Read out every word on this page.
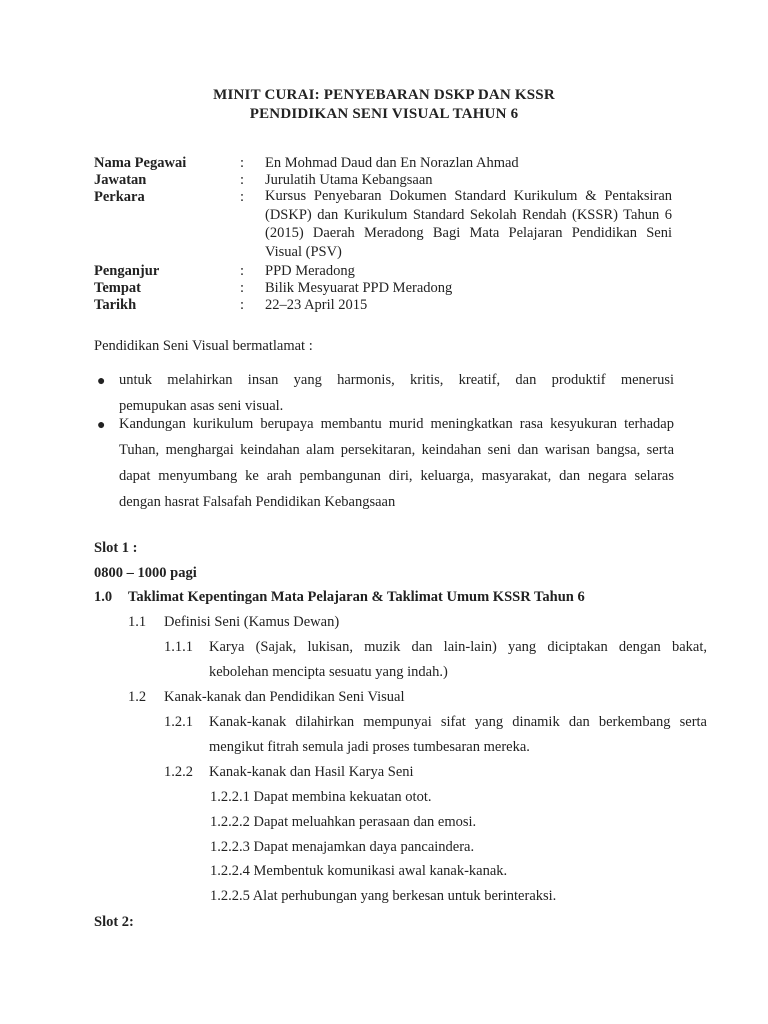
MINIT CURAI: PENYEBARAN DSKP DAN KSSR
PENDIDIKAN SENI VISUAL TAHUN 6
Nama Pegawai	: En Mohmad Daud dan En Norazlan Ahmad
Jawatan	: Jurulatih Utama Kebangsaan
Perkara	: Kursus Penyebaran Dokumen Standard Kurikulum & Pentaksiran (DSKP) dan Kurikulum Standard Sekolah Rendah (KSSR) Tahun 6 (2015) Daerah Meradong Bagi Mata Pelajaran Pendidikan Seni Visual (PSV)
Penganjur	: PPD Meradong
Tempat	: Bilik Mesyuarat PPD Meradong
Tarikh	: 22–23 April 2015
Pendidikan Seni Visual bermatlamat :
● untuk melahirkan insan yang harmonis, kritis, kreatif, dan produktif menerusi
pemupukan asas seni visual.
● Kandungan kurikulum berupaya membantu murid meningkatkan rasa kesyukuran terhadap Tuhan, menghargai keindahan alam persekitaran, keindahan seni dan warisan bangsa, serta dapat menyumbang ke arah pembangunan diri, keluarga, masyarakat, dan negara selaras dengan hasrat Falsafah Pendidikan Kebangsaan
Slot 1 :
0800 – 1000 pagi
1.0 Taklimat Kepentingan Mata Pelajaran & Taklimat Umum KSSR Tahun 6
1.1 Definisi Seni (Kamus Dewan)
1.1.1 Karya (Sajak, lukisan, muzik dan lain-lain) yang diciptakan dengan bakat,
kebolehan mencipta sesuatu yang indah.)
1.2 Kanak-kanak dan Pendidikan Seni Visual
1.2.1 Kanak-kanak dilahirkan mempunyai sifat yang dinamik dan berkembang serta
mengikut fitrah semula jadi proses tumbesaran mereka.
1.2.2 Kanak-kanak dan Hasil Karya Seni
1.2.2.1 Dapat membina kekuatan otot.
1.2.2.2 Dapat meluahkan perasaan dan emosi.
1.2.2.3 Dapat menajamkan daya pancaindera.
1.2.2.4 Membentuk komunikasi awal kanak-kanak.
1.2.2.5 Alat perhubungan yang berkesan untuk berinteraksi.
Slot 2:
